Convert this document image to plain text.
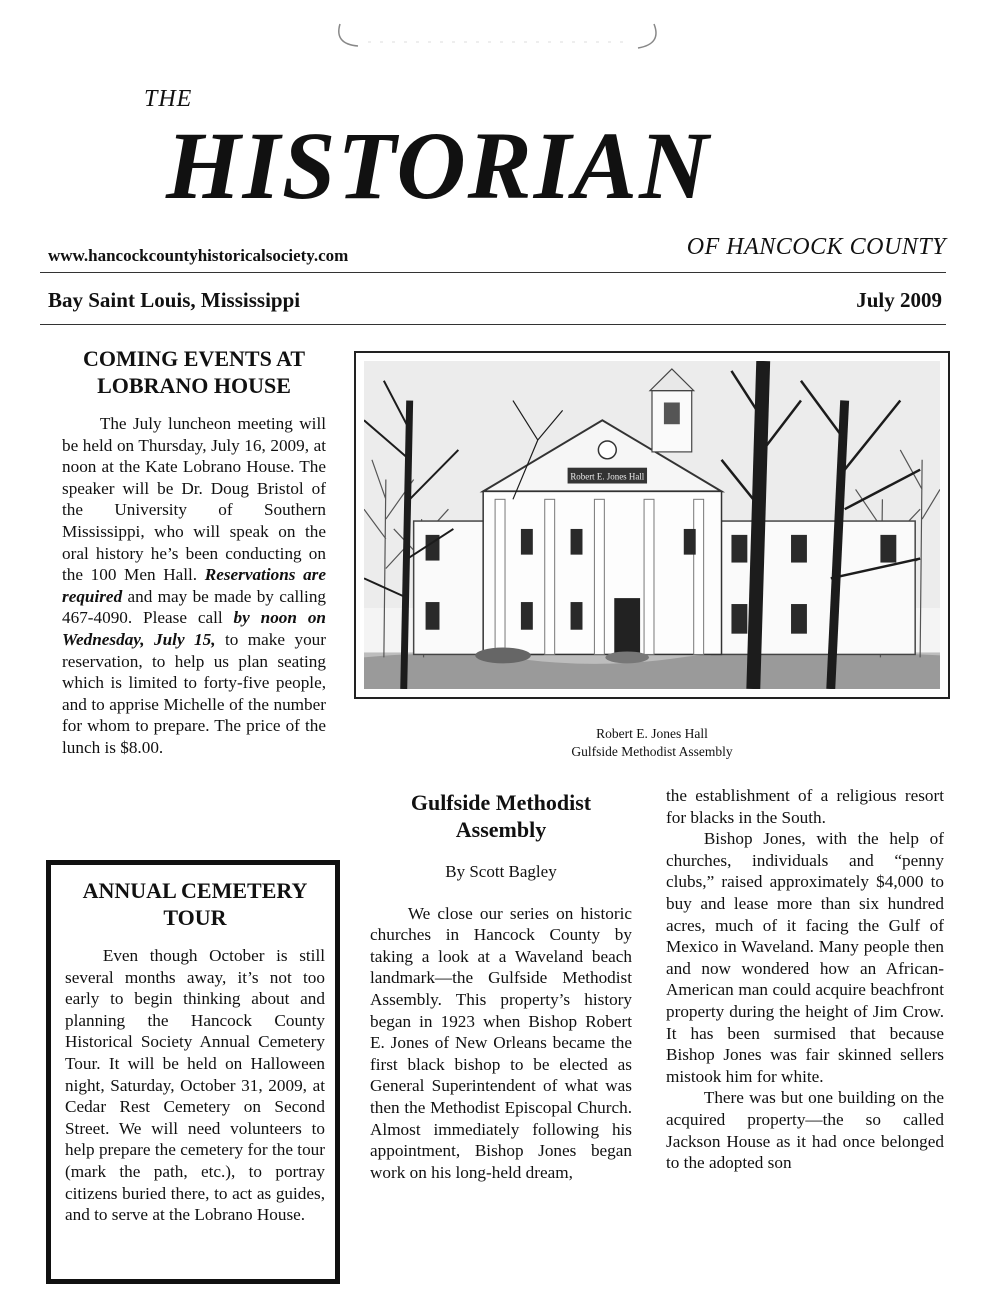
THE
HISTORIAN
www.hancockcountyhistoricalsociety.com	OF HANCOCK COUNTY
Bay Saint Louis, Mississippi	July 2009
COMING EVENTS AT
LOBRANO HOUSE

The July luncheon meeting will be held on Thursday, July 16, 2009, at noon at the Kate Lobrano House. The speaker will be Dr. Doug Bristol of the University of Southern Mississippi, who will speak on the oral history he’s been conducting on the 100 Men Hall. Reservations are required and may be made by calling 467-4090. Please call by noon on Wednesday, July 15, to make your reservation, to help us plan seating which is limited to forty-five people, and to apprise Michelle of the number for whom to prepare. The price of the lunch is $8.00.

ANNUAL CEMETERY
TOUR

Even though October is still several months away, it’s not too early to begin thinking about and planning the Hancock County Historical Society Annual Cemetery Tour. It will be held on Halloween night, Saturday, October 31, 2009, at Cedar Rest Cemetery on Second Street. We will need volunteers to help prepare the cemetery for the tour (mark the path, etc.), to portray citizens buried there, to act as guides, and to serve at the Lobrano House.

Robert E. Jones Hall
Robert E. Jones Hall
Gulfside Methodist Assembly
Gulfside Methodist
Assembly
By Scott Bagley

We close our series on historic churches in Hancock County by taking a look at a Waveland beach landmark—the Gulfside Methodist Assembly. This property’s history began in 1923 when Bishop Robert E. Jones of New Orleans became the first black bishop to be elected as General Superintendent of what was then the Methodist Episcopal Church. Almost immediately following his appointment, Bishop Jones began work on his long-held dream,

the establishment of a religious resort for blacks in the South.

Bishop Jones, with the help of churches, individuals and “penny clubs,” raised approximately $4,000 to buy and lease more than six hundred acres, much of it facing the Gulf of Mexico in Waveland. Many people then and now wondered how an African-American man could acquire beachfront property during the height of Jim Crow. It has been surmised that because Bishop Jones was fair skinned sellers mistook him for white.

There was but one building on the acquired property—the so called Jackson House as it had once belonged to the adopted son
